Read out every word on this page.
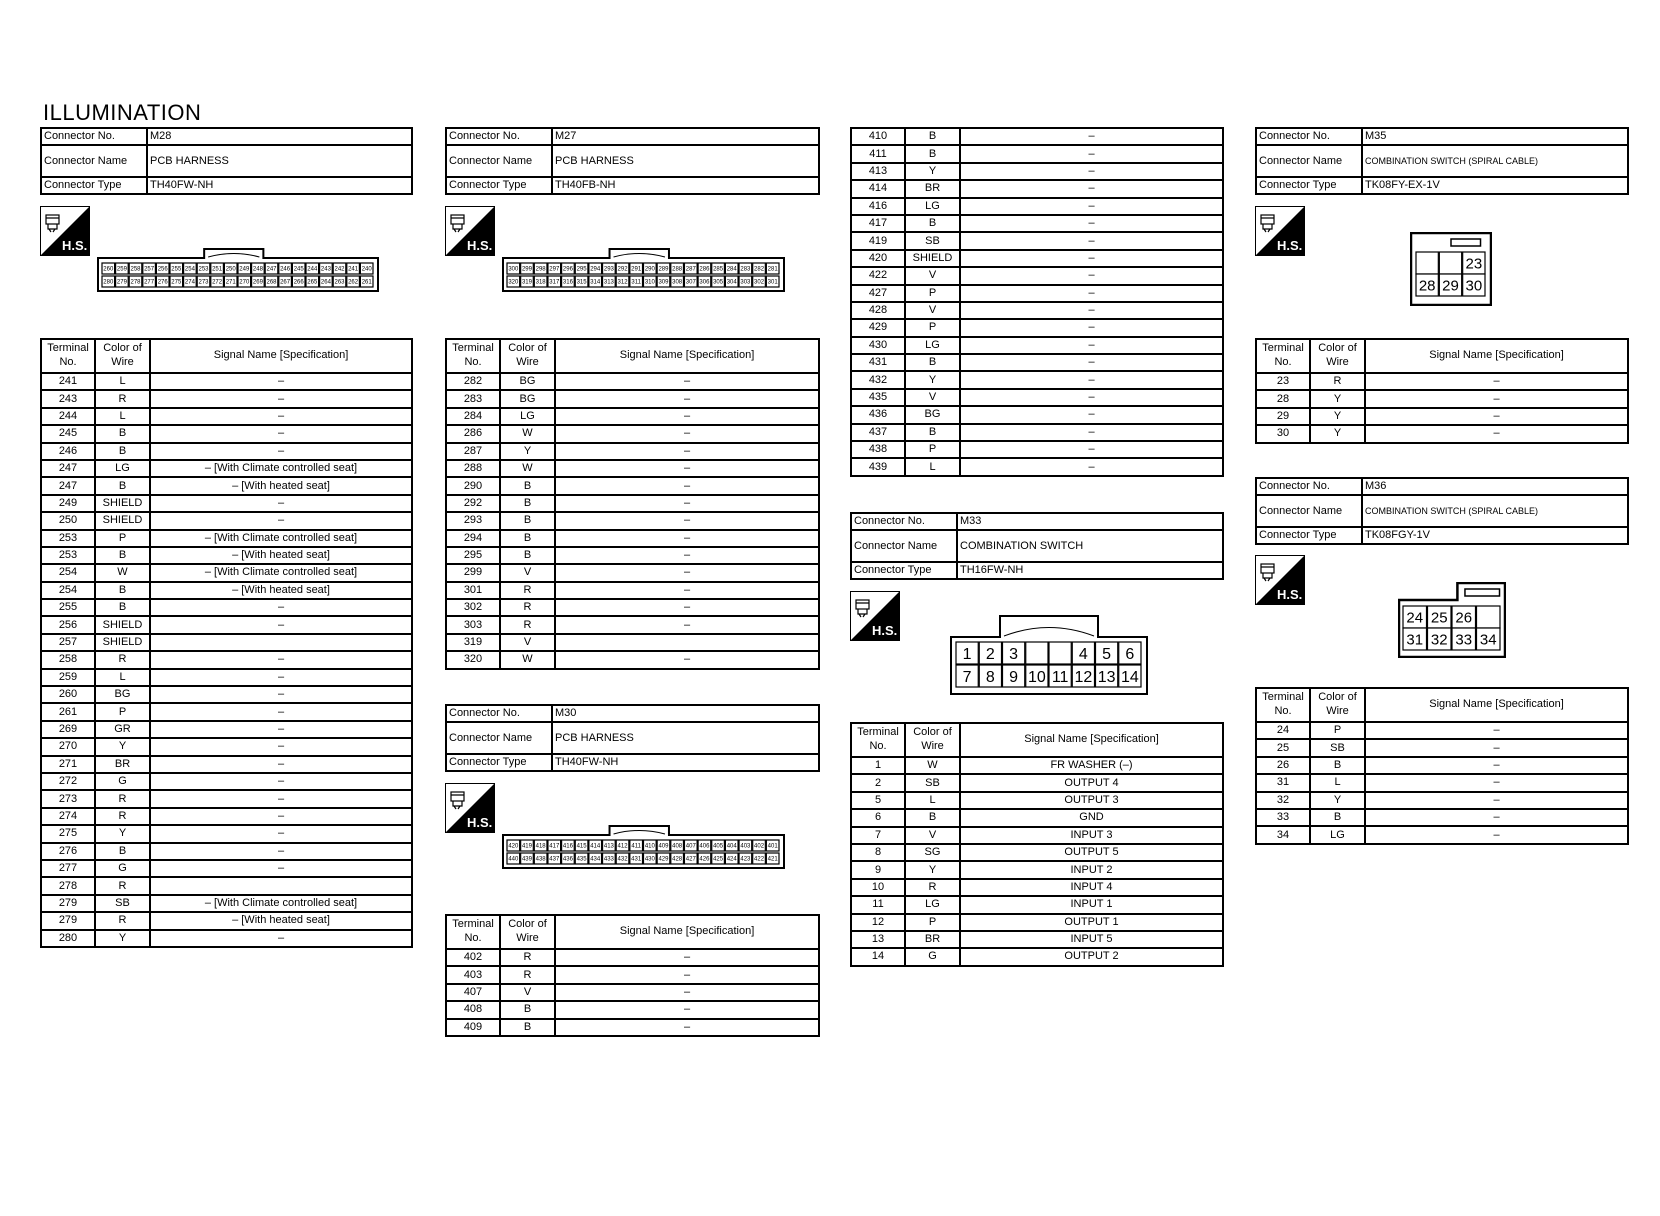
ILLUMINATION
Connector No.	M28
Connector Name	PCB HARNESS
Connector Type	TH40FW-NH
H.S.
260 259 258 257 256 255 254 253 251 250 249 248 247 246 245 244 243 242 241 240
280 279 278 277 276 275 274 273 272 271 270 269 268 267 266 265 264 263 262 261
Terminal No.	Color of Wire	Signal Name [Specification]
241	L	–
243	R	–
244	L	–
245	B	–
246	B	–
247	LG	– [With Climate controlled seat]
247	B	– [With heated seat]
249	SHIELD	–
250	SHIELD	–
253	P	– [With Climate controlled seat]
253	B	– [With heated seat]
254	W	– [With Climate controlled seat]
254	B	– [With heated seat]
255	B	–
256	SHIELD	–
257	SHIELD	
258	R	–
259	L	–
260	BG	–
261	P	–
269	GR	–
270	Y	–
271	BR	–
272	G	–
273	R	–
274	R	–
275	Y	–
276	B	–
277	G	–
278	R	
279	SB	– [With Climate controlled seat]
279	R	– [With heated seat]
280	Y	–
Connector No.	M27
Connector Name	PCB HARNESS
Connector Type	TH40FB-NH
H.S.
300 299 298 297 296 295 294 293 292 291 290 289 288 287 286 285 284 283 282 281
320 319 318 317 316 315 314 313 312 311 310 309 308 307 306 305 304 303 302 301
Terminal No.	Color of Wire	Signal Name [Specification]
282	BG	–
283	BG	–
284	LG	–
286	W	–
287	Y	–
288	W	–
290	B	–
292	B	–
293	B	–
294	B	–
295	B	–
299	V	–
301	R	–
302	R	–
303	R	–
319	V	
320	W	–
Connector No.	M30
Connector Name	PCB HARNESS
Connector Type	TH40FW-NH
H.S.
420 419 418 417 416 415 414 413 412 411 410 409 408 407 406 405 404 403 402 401
440 439 438 437 436 435 434 433 432 431 430 429 428 427 426 425 424 423 422 421
Terminal No.	Color of Wire	Signal Name [Specification]
402	R	–
403	R	–
407	V	–
408	B	–
409	B	–
410	B	–
411	B	–
413	Y	–
414	BR	–
416	LG	–
417	B	–
419	SB	–
420	SHIELD	–
422	V	–
427	P	–
428	V	–
429	P	–
430	LG	–
431	B	–
432	Y	–
435	V	–
436	BG	–
437	B	–
438	P	–
439	L	–
Connector No.	M33
Connector Name	COMBINATION SWITCH
Connector Type	TH16FW-NH
H.S.
1 2 3	4 5 6
7 8 9 10 11 12 13 14
Terminal No.	Color of Wire	Signal Name [Specification]
1	W	FR WASHER (–)
2	SB	OUTPUT 4
5	L	OUTPUT 3
6	B	GND
7	V	INPUT 3
8	SG	OUTPUT 5
9	Y	INPUT 2
10	R	INPUT 4
11	LG	INPUT 1
12	P	OUTPUT 1
13	BR	INPUT 5
14	G	OUTPUT 2
Connector No.	M35
Connector Name	COMBINATION SWITCH (SPIRAL CABLE)
Connector Type	TK08FY-EX-1V
H.S.
23
28 29 30
Terminal No.	Color of Wire	Signal Name [Specification]
23	R	–
28	Y	–
29	Y	–
30	Y	–
Connector No.	M36
Connector Name	COMBINATION SWITCH (SPIRAL CABLE)
Connector Type	TK08FGY-1V
H.S.
24 25 26
31 32 33 34
Terminal No.	Color of Wire	Signal Name [Specification]
24	P	–
25	SB	–
26	B	–
31	L	–
32	Y	–
33	B	–
34	LG	–
